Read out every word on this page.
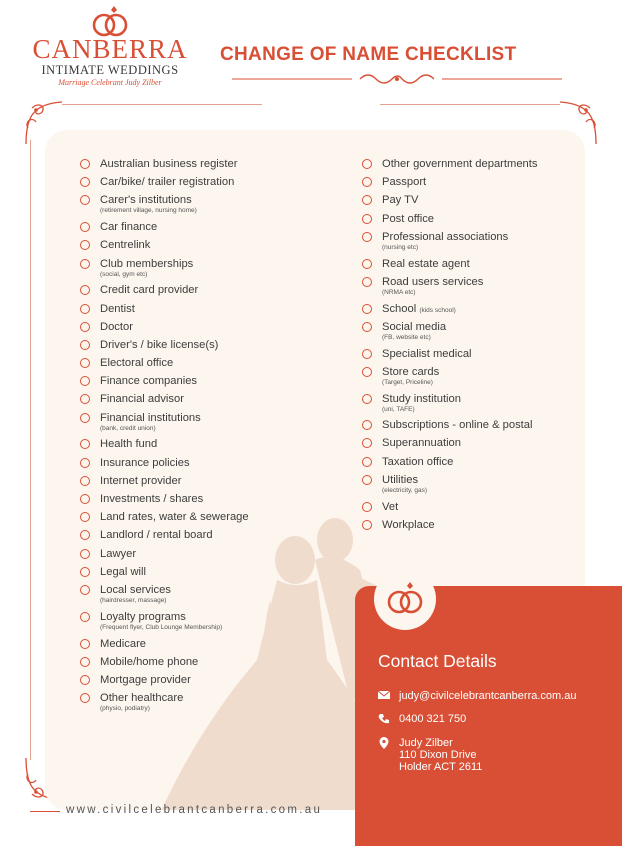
CANBERRA
INTIMATE WEDDINGS
Marriage Celebrant Judy Zilber
CHANGE OF NAME CHECKLIST
Australian business register
Car/bike/ trailer registration
Carer's institutions
(retirement village, nursing home)
Car finance
Centrelink
Club memberships
(social, gym etc)
Credit card provider
Dentist
Doctor
Driver's / bike license(s)
Electoral office
Finance companies
Financial advisor
Financial institutions
(bank, credit union)
Health fund
Insurance policies
Internet provider
Investments / shares
Land rates, water & sewerage
Landlord / rental board
Lawyer
Legal will
Local services
(hairdresser, massage)
Loyalty programs
(Frequent flyer, Club Lounge Membership)
Medicare
Mobile/home phone
Mortgage provider
Other healthcare
(physio, podiatry)
Other government departments
Passport
Pay TV
Post office
Professional associations
(nursing etc)
Real estate agent
Road users services
(NRMA etc)
School (kids school)
Social media
(FB, website etc)
Specialist medical
Store cards
(Target, Priceline)
Study institution
(uni, TAFE)
Subscriptions - online & postal
Superannuation
Taxation office
Utilities
(electricity, gas)
Vet
Workplace
Contact Details
judy@civilcelebrantcanberra.com.au
0400 321 750
Judy Zilber
110 Dixon Drive
Holder ACT 2611
www.civilcelebrantcanberra.com.au
